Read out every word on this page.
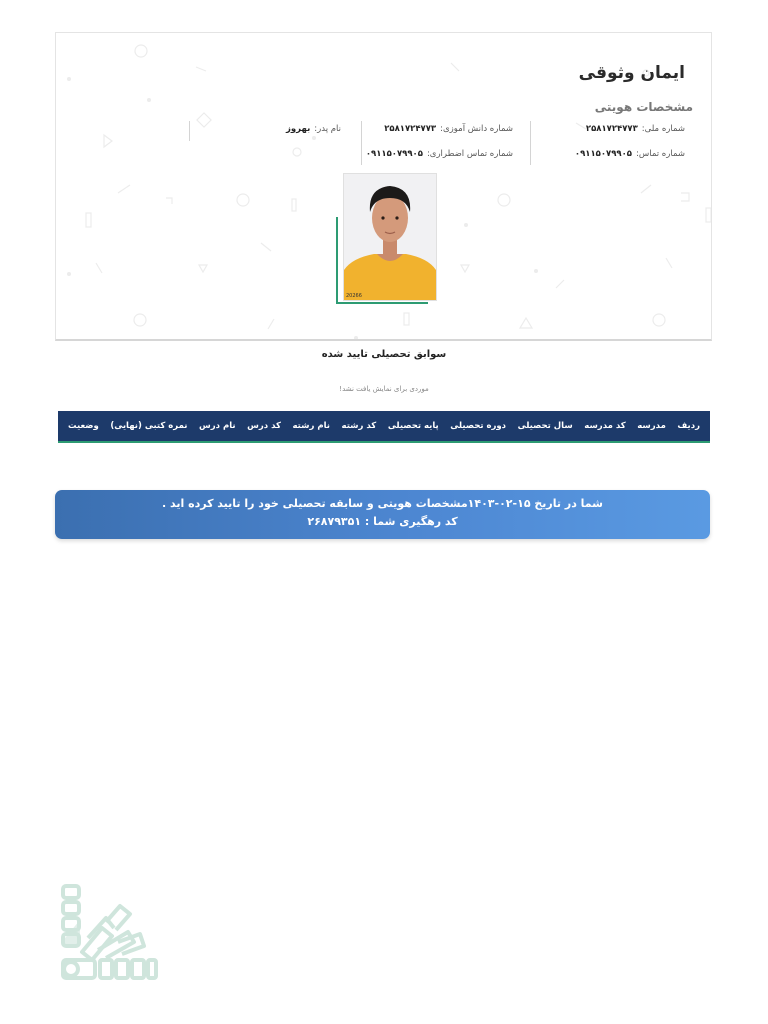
ایمان وثوقی
مشخصات هویتی
شماره ملی:۲۵۸۱۷۲۴۷۷۳
شماره تماس:۰۹۱۱۵۰۷۹۹۰۵
شماره دانش آموزی:۲۵۸۱۷۲۴۷۷۳
شماره تماس اضطراری:۰۹۱۱۵۰۷۹۹۰۵
نام پدر:بهروز
20266
سوابق تحصیلی تایید شده
موردی برای نمایش یافت نشد!
ردیف
مدرسه
کد مدرسه
سال تحصیلی
دوره تحصیلی
پایه تحصیلی
کد رشته
نام رشته
کد درس
نام درس
نمره کتبی (نهایی)
وضعیت
شما در تاریخ ۱۵-۰۲-۱۴۰۳مشخصات هویتی و سابقه تحصیلی خود را تایید کرده اید .
کد رهگیری شما : ۲۶۸۷۹۳۵۱
